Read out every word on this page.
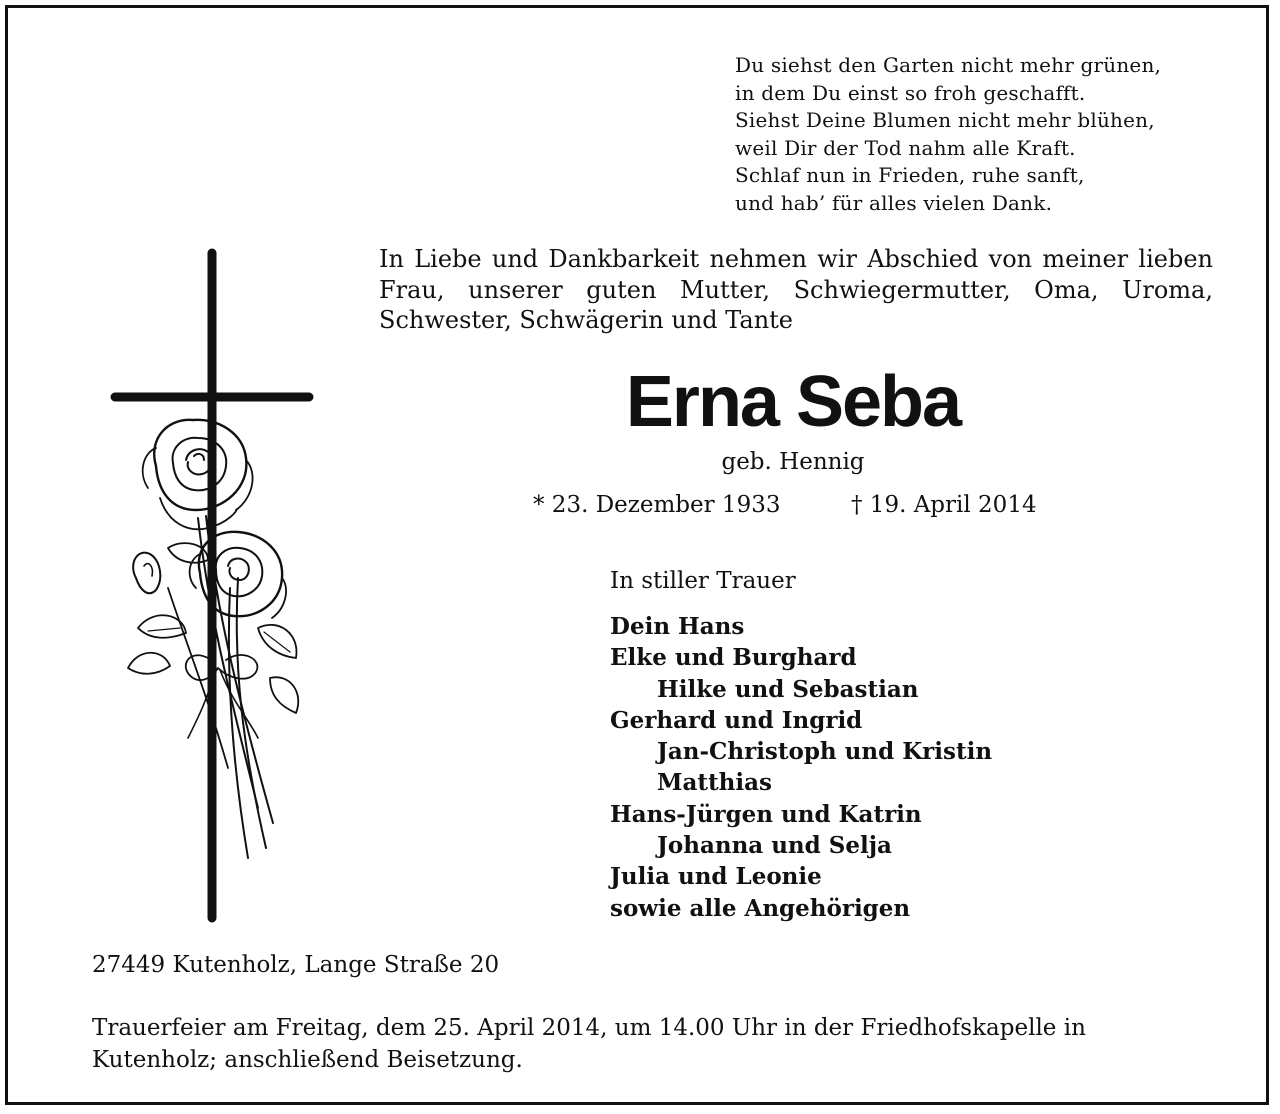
Du siehst den Garten nicht mehr grünen,
in dem Du einst so froh geschafft.
Siehst Deine Blumen nicht mehr blühen,
weil Dir der Tod nahm alle Kraft.
Schlaf nun in Frieden, ruhe sanft,
und hab’ für alles vielen Dank.
In Liebe und Dankbarkeit nehmen wir Abschied von meiner lieben Frau, unserer guten Mutter, Schwiegermutter, Oma, Uroma, Schwester, Schwägerin und Tante
Erna Seba
geb. Hennig
* 23. Dezember 1933	† 19. April 2014
In stiller Trauer
Dein Hans
Elke und Burghard
Hilke und Sebastian
Gerhard und Ingrid
Jan-Christoph und Kristin
Matthias
Hans-Jürgen und Katrin
Johanna und Selja
Julia und Leonie
sowie alle Angehörigen
27449 Kutenholz, Lange Straße 20
Trauerfeier am Freitag, dem 25. April 2014, um 14.00 Uhr in der Friedhofskapelle in Kutenholz; anschließend Beisetzung.
